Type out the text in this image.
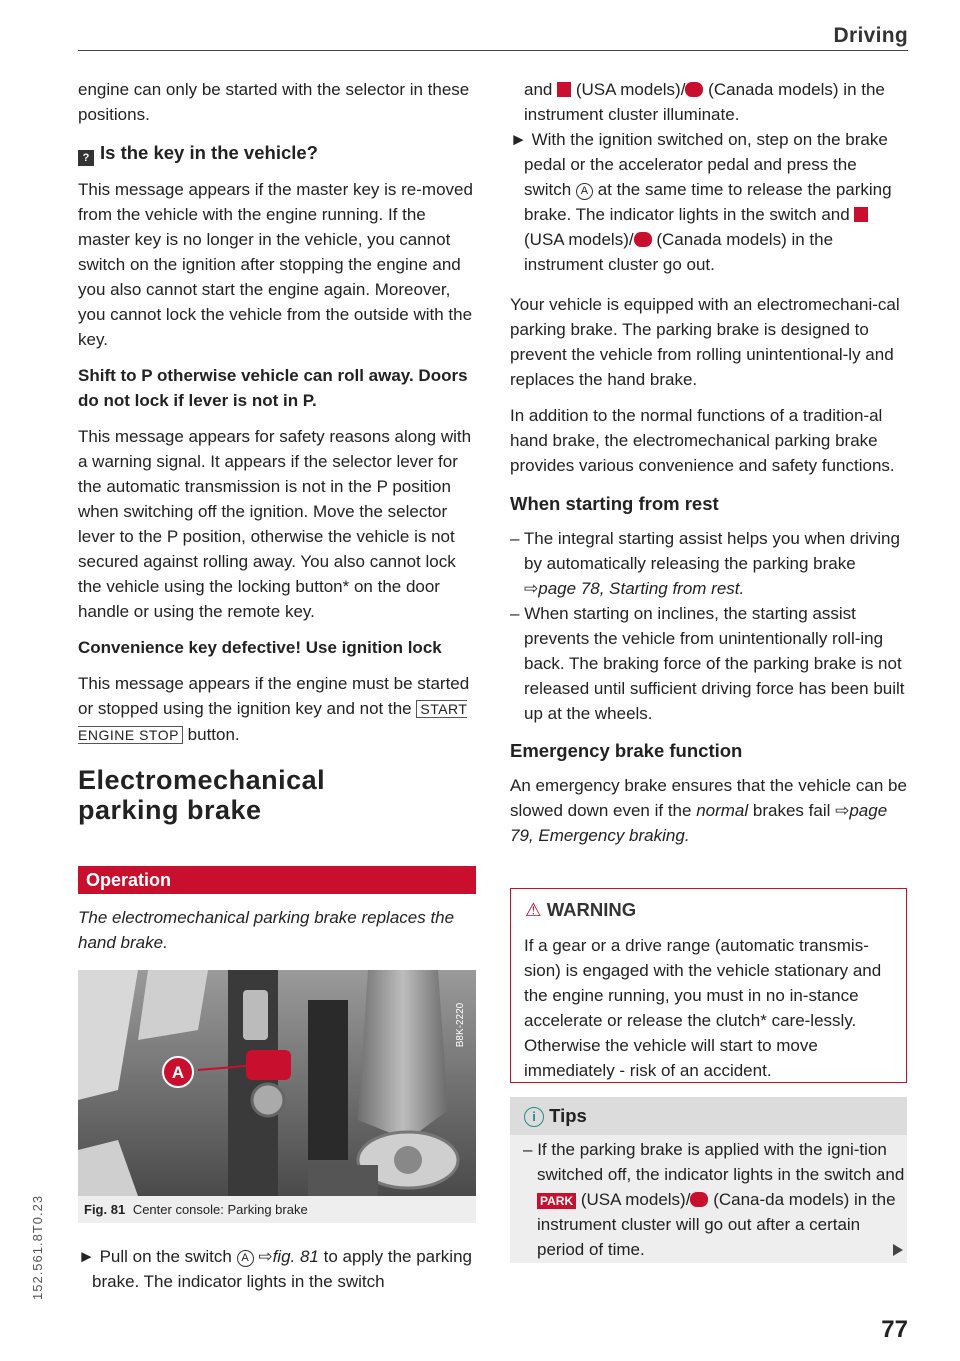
Driving
152.561.8T0.23

engine can only be started with the selector in these positions.

? Is the key in the vehicle?

This message appears if the master key is re-moved from the vehicle with the engine running. If the master key is no longer in the vehicle, you cannot switch on the ignition after stopping the engine and you also cannot start the engine again. Moreover, you cannot lock the vehicle from the outside with the key.

Shift to P otherwise vehicle can roll away. Doors do not lock if lever is not in P.

This message appears for safety reasons along with a warning signal. It appears if the selector lever for the automatic transmission is not in the P position when switching off the ignition. Move the selector lever to the P position, otherwise the vehicle is not secured against rolling away. You also cannot lock the vehicle using the locking button* on the door handle or using the remote key.

Convenience key defective! Use ignition lock

This message appears if the engine must be started or stopped using the ignition key and not the START ENGINE STOP button.

Electromechanical
parking brake
Operation
The electromechanical parking brake replaces the hand brake.
A
B8K-2220
Fig. 81 Center console: Parking brake

► Pull on the switch A ⇨fig. 81 to apply the parking brake. The indicator lights in the switch

and (USA models)/ (Canada models) in the instrument cluster illuminate.

► With the ignition switched on, step on the brake pedal or the accelerator pedal and press the switch A at the same time to release the parking brake. The indicator lights in the switch and  (USA models)/ (Canada models) in the instrument cluster go out.

Your vehicle is equipped with an electromechani-cal parking brake. The parking brake is designed to prevent the vehicle from rolling unintentional-ly and replaces the hand brake.

In addition to the normal functions of a tradition-al hand brake, the electromechanical parking brake provides various convenience and safety functions.

When starting from rest

– The integral starting assist helps you when driving by automatically releasing the parking brake ⇨page 78, Starting from rest.

– When starting on inclines, the starting assist prevents the vehicle from unintentionally roll-ing back. The braking force of the parking brake is not released until sufficient driving force has been built up at the wheels.

Emergency brake function

An emergency brake ensures that the vehicle can be slowed down even if the normal brakes fail ⇨page 79, Emergency braking.

⚠ WARNING
If a gear or a drive range (automatic transmis-sion) is engaged with the vehicle stationary and the engine running, you must in no in-stance accelerate or release the clutch* care-lessly. Otherwise the vehicle will start to move immediately - risk of an accident.
i Tips
– If the parking brake is applied with the igni-tion switched off, the indicator lights in the switch and PARK (USA models)/ (Cana-da models) in the instrument cluster will go out after a certain period of time.
77
